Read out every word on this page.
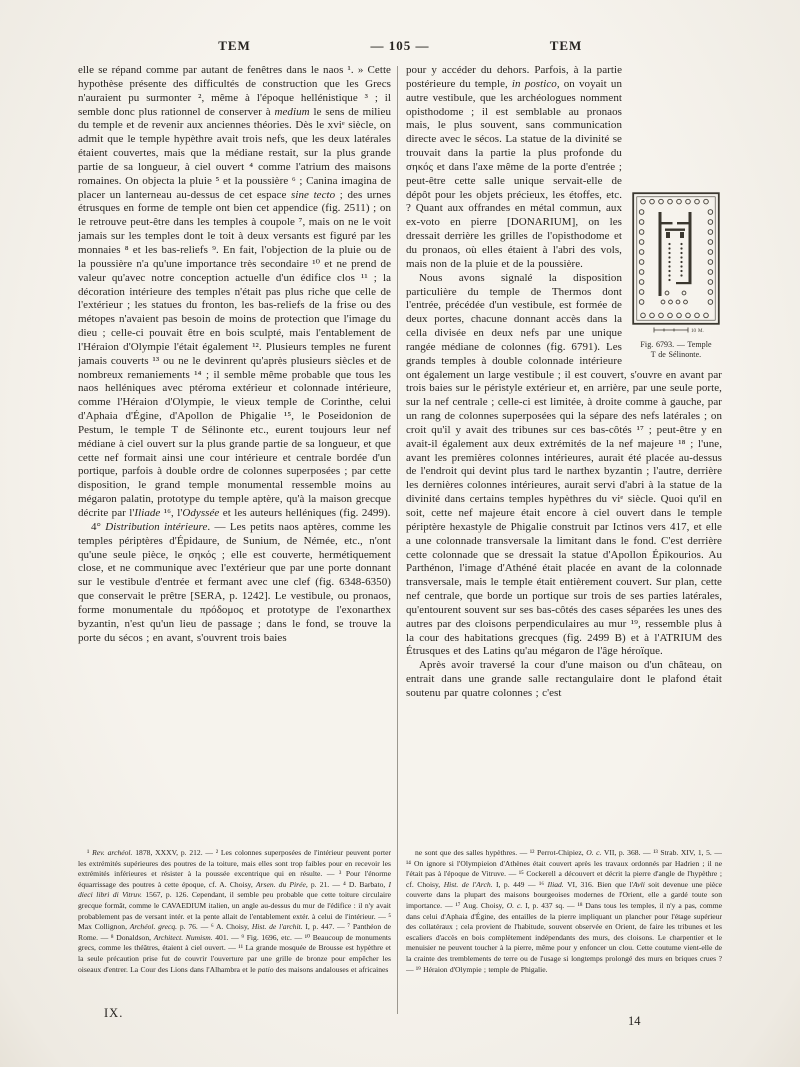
TEM	— 105 —	TEM

elle se répand comme par autant de fenêtres dans le naos ¹. » Cette hypothèse présente des difficultés de construction que les Grecs n'auraient pu surmonter ², même à l'époque hellénistique ³ ; il semble donc plus rationnel de conserver à medium le sens de milieu du temple et de revenir aux anciennes théories. Dès le xviᵉ siècle, on admit que le temple hypèthre avait trois nefs, que les deux latérales étaient couvertes, mais que la médiane restait, sur la plus grande partie de sa longueur, à ciel ouvert ⁴ comme l'atrium des maisons romaines. On objecta la pluie ⁵ et la poussière ⁶ ; Canina imagina de placer un lanterneau au-dessus de cet espace sine tecto ; des urnes étrusques en forme de temple ont bien cet appendice (fig. 2511) ; on le retrouve peut-être dans les temples à coupole ⁷, mais on ne le voit jamais sur les temples dont le toit à deux versants est figuré par les monnaies ⁸ et les bas-reliefs ⁹. En fait, l'objection de la pluie ou de la poussière n'a qu'une importance très secondaire ¹⁰ et ne prend de valeur qu'avec notre conception actuelle d'un édifice clos ¹¹ ; la décoration intérieure des temples n'était pas plus riche que celle de l'extérieur ; les statues du fronton, les bas-reliefs de la frise ou des métopes n'avaient pas besoin de moins de protection que l'image du dieu ; celle-ci pouvait être en bois sculpté, mais l'entablement de l'Héraion d'Olympie l'était également ¹². Plusieurs temples ne furent jamais couverts ¹³ ou ne le devinrent qu'après plusieurs siècles et de nombreux remaniements ¹⁴ ; il semble même probable que tous les naos helléniques avec ptéroma extérieur et colonnade intérieure, comme l'Héraion d'Olympie, le vieux temple de Corinthe, celui d'Aphaia d'Égine, d'Apollon de Phigalie ¹⁵, le Poseidonion de Pestum, le temple T de Sélinonte etc., eurent toujours leur nef médiane à ciel ouvert sur la plus grande partie de sa longueur, et que cette nef formait ainsi une cour intérieure et centrale bordée d'un portique, parfois à double ordre de colonnes superposées ; par cette disposition, le grand temple monumental ressemble moins au mégaron palatin, prototype du temple aptère, qu'à la maison grecque décrite par l'Iliade ¹⁶, l'Odyssée et les auteurs helléniques (fig. 2499).

4° Distribution intérieure. — Les petits naos aptères, comme les temples périptères d'Épidaure, de Sunium, de Némée, etc., n'ont qu'une seule pièce, le σηκός ; elle est couverte, hermétiquement close, et ne communique avec l'extérieur que par une porte donnant sur le vestibule d'entrée et fermant avec une clef (fig. 6348-6350) que conservait le prêtre [SERA, p. 1242]. Le vestibule, ou pronaos, forme monumentale du πρόδομος et prototype de l'exonarthex byzantin, n'est qu'un lieu de passage ; dans le fond, se trouve la porte du sécos ; en avant, s'ouvrent trois baies

10 M.
Fig. 6793. — Temple
T de Sélinonte.

pour y accéder du dehors. Parfois, à la partie postérieure du temple, in postico, on voyait un autre vestibule, que les archéologues nomment opisthodome ; il est semblable au pronaos mais, le plus souvent, sans communication directe avec le sécos. La statue de la divinité se trouvait dans la partie la plus profonde du σηκός et dans l'axe même de la porte d'entrée ; peut-être cette salle unique servait-elle de dépôt pour les objets précieux, les étoffes, etc. ? Quant aux offrandes en métal commun, aux ex-voto en pierre [DONARIUM], on les dressait derrière les grilles de l'opisthodome et du pronaos, où elles étaient à l'abri des vols, mais non de la pluie et de la poussière.

Nous avons signalé la disposition particulière du temple de Thermos dont l'entrée, précédée d'un vestibule, est formée de deux portes, chacune donnant accès dans la cella divisée en deux nefs par une unique rangée médiane de colonnes (fig. 6791). Les grands temples à double colonnade intérieure ont également un large vestibule ; il est couvert, s'ouvre en avant par trois baies sur le péristyle extérieur et, en arrière, par une seule porte, sur la nef centrale ; celle-ci est limitée, à droite comme à gauche, par un rang de colonnes superposées qui la sépare des nefs latérales ; on croit qu'il y avait des tribunes sur ces bas-côtés ¹⁷ ; peut-être y en avait-il également aux deux extrémités de la nef majeure ¹⁸ ; l'une, avant les premières colonnes intérieures, aurait été placée au-dessus de l'endroit qui devint plus tard le narthex byzantin ; l'autre, derrière les dernières colonnes intérieures, aurait servi d'abri à la statue de la divinité dans certains temples hypèthres du viᵉ siècle. Quoi qu'il en soit, cette nef majeure était encore à ciel ouvert dans le temple périptère hexastyle de Phigalie construit par Ictinos vers 417, et elle a une colonnade transversale la limitant dans le fond. C'est derrière cette colonnade que se dressait la statue d'Apollon Épikourios. Au Parthénon, l'image d'Athéné était placée en avant de la colonnade transversale, mais le temple était entièrement couvert. Sur plan, cette nef centrale, que borde un portique sur trois de ses parties latérales, qu'entourent souvent sur ses bas-côtés des cases séparées les unes des autres par des cloisons perpendiculaires au mur ¹⁹, ressemble plus à la cour des habitations grecques (fig. 2499 B) et à l'ATRIUM des Étrusques et des Latins qu'au mégaron de l'âge héroïque.

Après avoir traversé la cour d'une maison ou d'un château, on entrait dans une grande salle rectangulaire dont le plafond était soutenu par quatre colonnes ; c'est

¹ Rev. archéol. 1878, XXXV, p. 212. — ² Les colonnes superposées de l'intérieur peuvent porter les extrémités supérieures des poutres de la toiture, mais elles sont trop faibles pour en recevoir les extrémités inférieures et résister à la poussée excentrique qui en résulte. — ³ Pour l'énorme équarrissage des poutres à cette époque, cf. A. Choisy, Arsen. du Pirée, p. 21. — ⁴ D. Barbato, I dieci libri di Vitruv. 1567, p. 126. Cependant, il semble peu probable que cette toiture circulaire grecque formât, comme le CAVAEDIUM italien, un angle au-dessus du mur de l'édifice : il n'y avait probablement pas de versant intér. et la pente allait de l'entablement extér. à celui de l'intérieur. — ⁵ Max Collignon, Archéol. grecq. p. 76. — ⁶ A. Choisy, Hist. de l'archit. I, p. 447. — ⁷ Panthéon de Rome. — ⁸ Donaldson, Architect. Numism. 401. — ⁹ Fig. 1696, etc. — ¹⁰ Beaucoup de monuments grecs, comme les théâtres, étaient à ciel ouvert. — ¹¹ La grande mosquée de Brousse est hypèthre et la seule précaution prise fut de couvrir l'ouverture par une grille de bronze pour empêcher les oiseaux d'entrer. La Cour des Lions dans l'Alhambra et le patio des maisons andalouses et africaines

ne sont que des salles hypèthres. — ¹² Perrot-Chipiez, O. c. VII, p. 368. — ¹³ Strab. XIV, 1, 5. — ¹⁴ On ignore si l'Olympieion d'Athènes était couvert après les travaux ordonnés par Hadrien ; il ne l'était pas à l'époque de Vitruve. — ¹⁵ Cockerell a découvert et décrit la pierre d'angle de l'hypèthre ; cf. Choisy, Hist. de l'Arch. I, p. 449 — ¹⁶ Iliad. VI, 316. Bien que l'Avli soit devenue une pièce couverte dans la plupart des maisons bourgeoises modernes de l'Orient, elle a gardé toute son importance. — ¹⁷ Aug. Choisy, O. c. I, p. 437 sq. — ¹⁸ Dans tous les temples, il n'y a pas, comme dans celui d'Aphaia d'Égine, des entailles de la pierre impliquant un plancher pour l'étage supérieur des collatéraux ; cela provient de l'habitude, souvent observée en Orient, de faire les tribunes et les escaliers d'accès en bois complètement indépendants des murs, des cloisons. Le charpentier et le menuisier ne peuvent toucher à la pierre, même pour y enfoncer un clou. Cette coutume vient-elle de la crainte des tremblements de terre ou de l'usage si longtemps prolongé des murs en briques crues ? — ¹⁹ Héraion d'Olympie ; temple de Phigalie.

IX.
14
